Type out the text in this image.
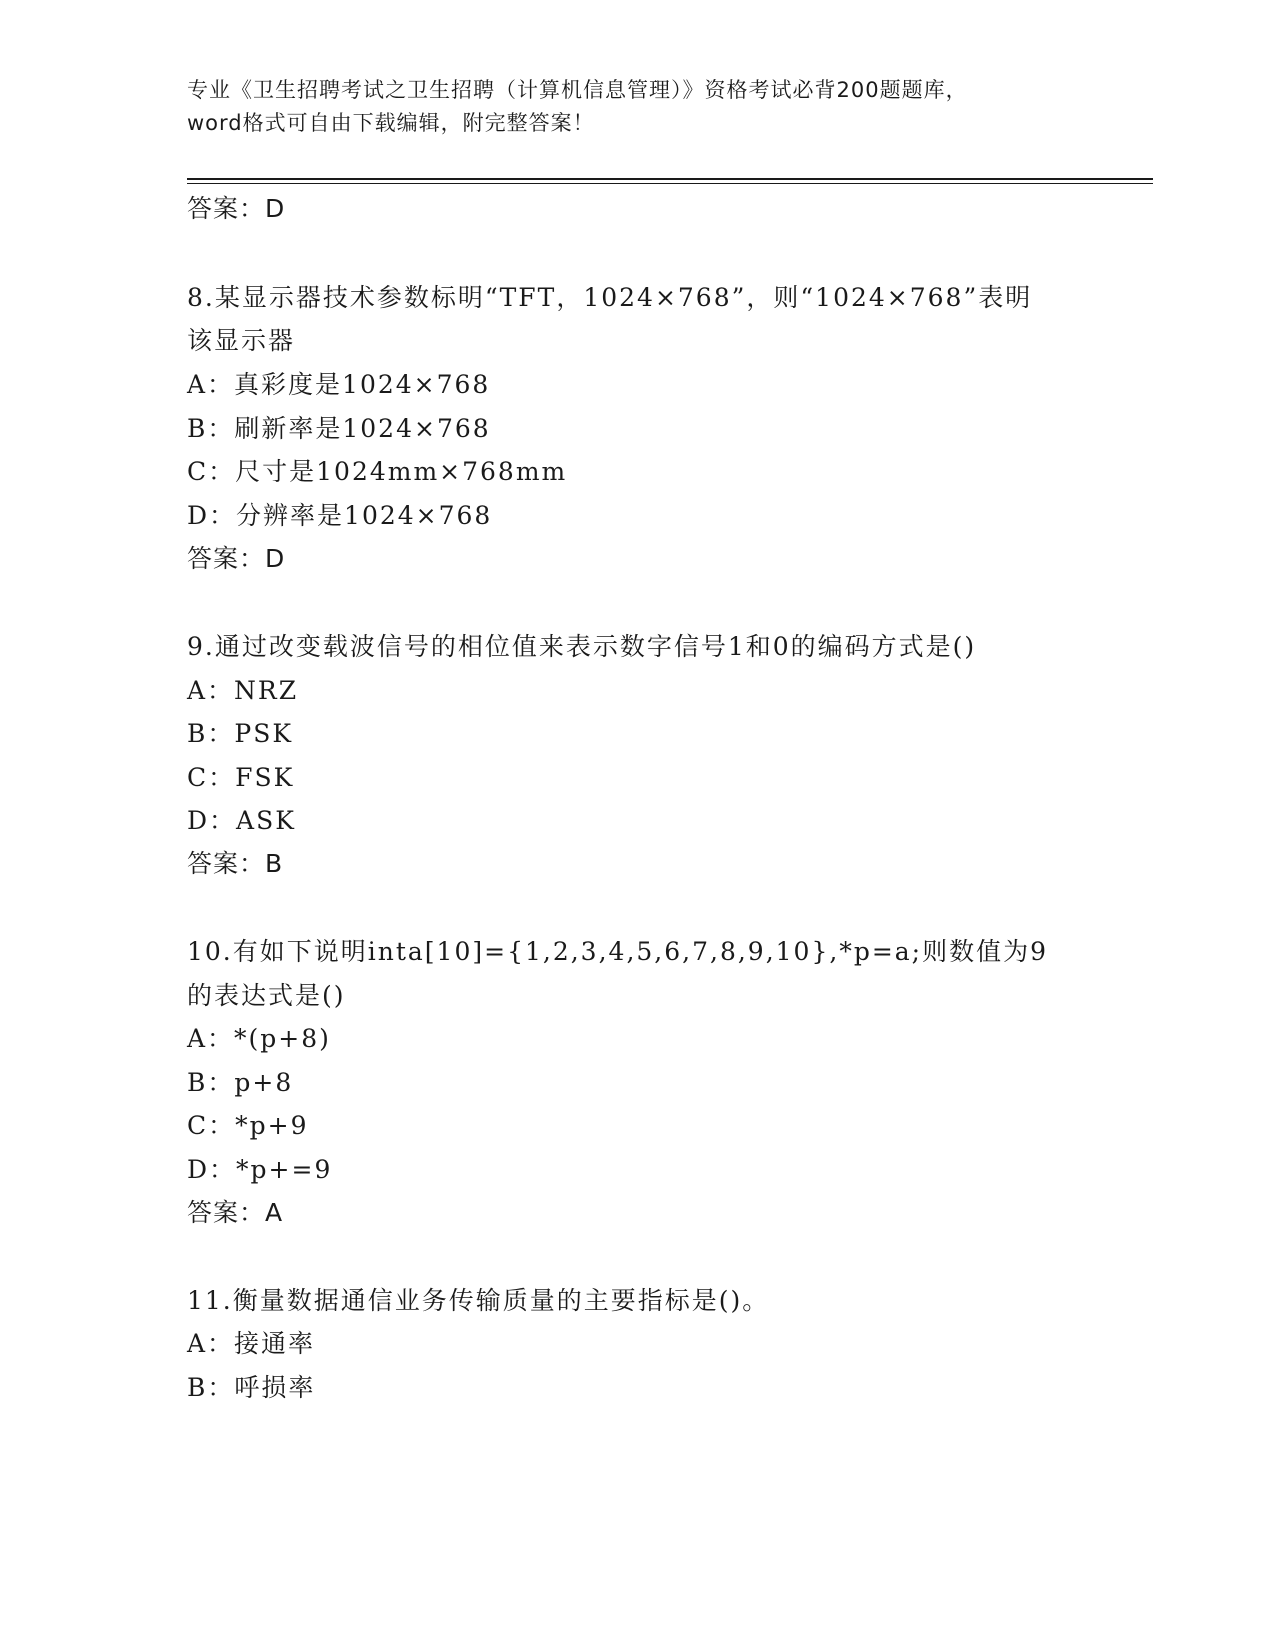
专业《卫生招聘考试之卫生招聘（计算机信息管理）》资格考试必背200题题库，
word格式可自由下载编辑，附完整答案！
答案：D
8.某显示器技术参数标明“TFT，1024×768”，则“1024×768”表明
该显示器
A：真彩度是1024×768
B：刷新率是1024×768
C：尺寸是1024mm×768mm
D：分辨率是1024×768
答案：D
9.通过改变载波信号的相位值来表示数字信号1和0的编码方式是()
A：NRZ
B：PSK
C：FSK
D：ASK
答案：B
10.有如下说明inta[10]={1,2,3,4,5,6,7,8,9,10},*p=a;则数值为9
的表达式是()
A：*(p+8)
B：p+8
C：*p+9
D：*p+=9
答案：A
11.衡量数据通信业务传输质量的主要指标是()。
A：接通率
B：呼损率
